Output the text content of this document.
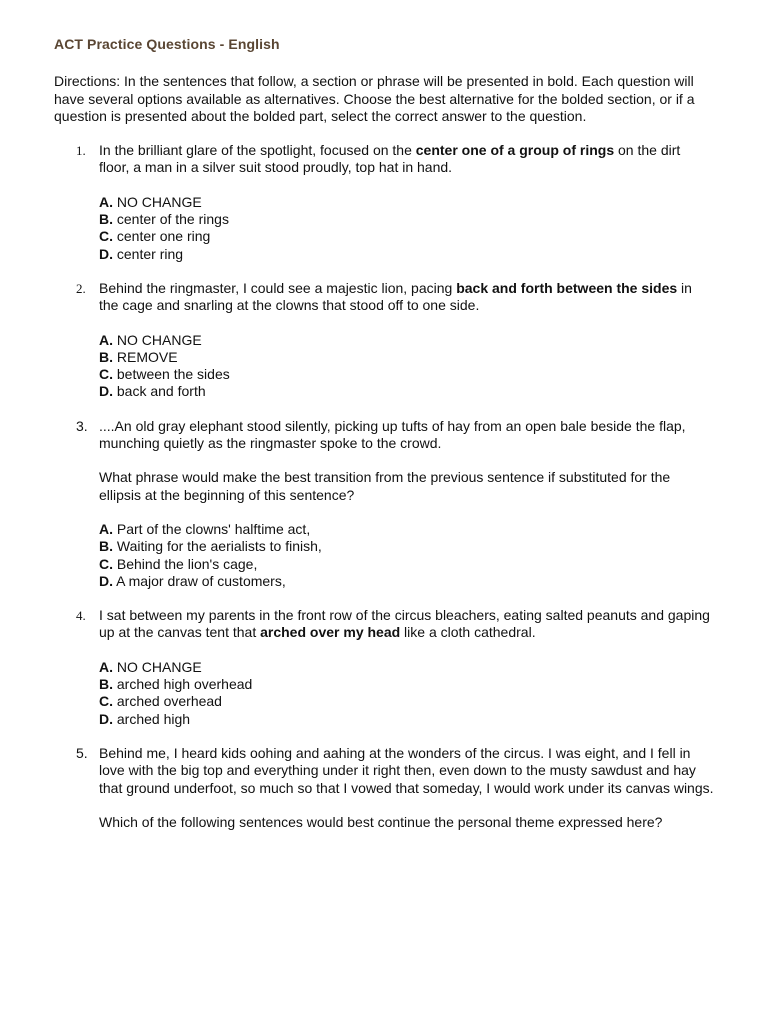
ACT Practice Questions - English
Directions: In the sentences that follow, a section or phrase will be presented in bold. Each question will have several options available as alternatives. Choose the best alternative for the bolded section, or if a question is presented about the bolded part, select the correct answer to the question.
1. In the brilliant glare of the spotlight, focused on the center one of a group of rings on the dirt floor, a man in a silver suit stood proudly, top hat in hand.
A. NO CHANGE
B. center of the rings
C. center one ring
D. center ring
2. Behind the ringmaster, I could see a majestic lion, pacing back and forth between the sides in the cage and snarling at the clowns that stood off to one side.
A. NO CHANGE
B. REMOVE
C. between the sides
D. back and forth
3. ....An old gray elephant stood silently, picking up tufts of hay from an open bale beside the flap, munching quietly as the ringmaster spoke to the crowd.
What phrase would make the best transition from the previous sentence if substituted for the ellipsis at the beginning of this sentence?
A. Part of the clowns' halftime act,
B. Waiting for the aerialists to finish,
C. Behind the lion's cage,
D. A major draw of customers,
4. I sat between my parents in the front row of the circus bleachers, eating salted peanuts and gaping up at the canvas tent that arched over my head like a cloth cathedral.
A. NO CHANGE
B. arched high overhead
C. arched overhead
D. arched high
5. Behind me, I heard kids oohing and aahing at the wonders of the circus. I was eight, and I fell in love with the big top and everything under it right then, even down to the musty sawdust and hay that ground underfoot, so much so that I vowed that someday, I would work under its canvas wings.
Which of the following sentences would best continue the personal theme expressed here?
